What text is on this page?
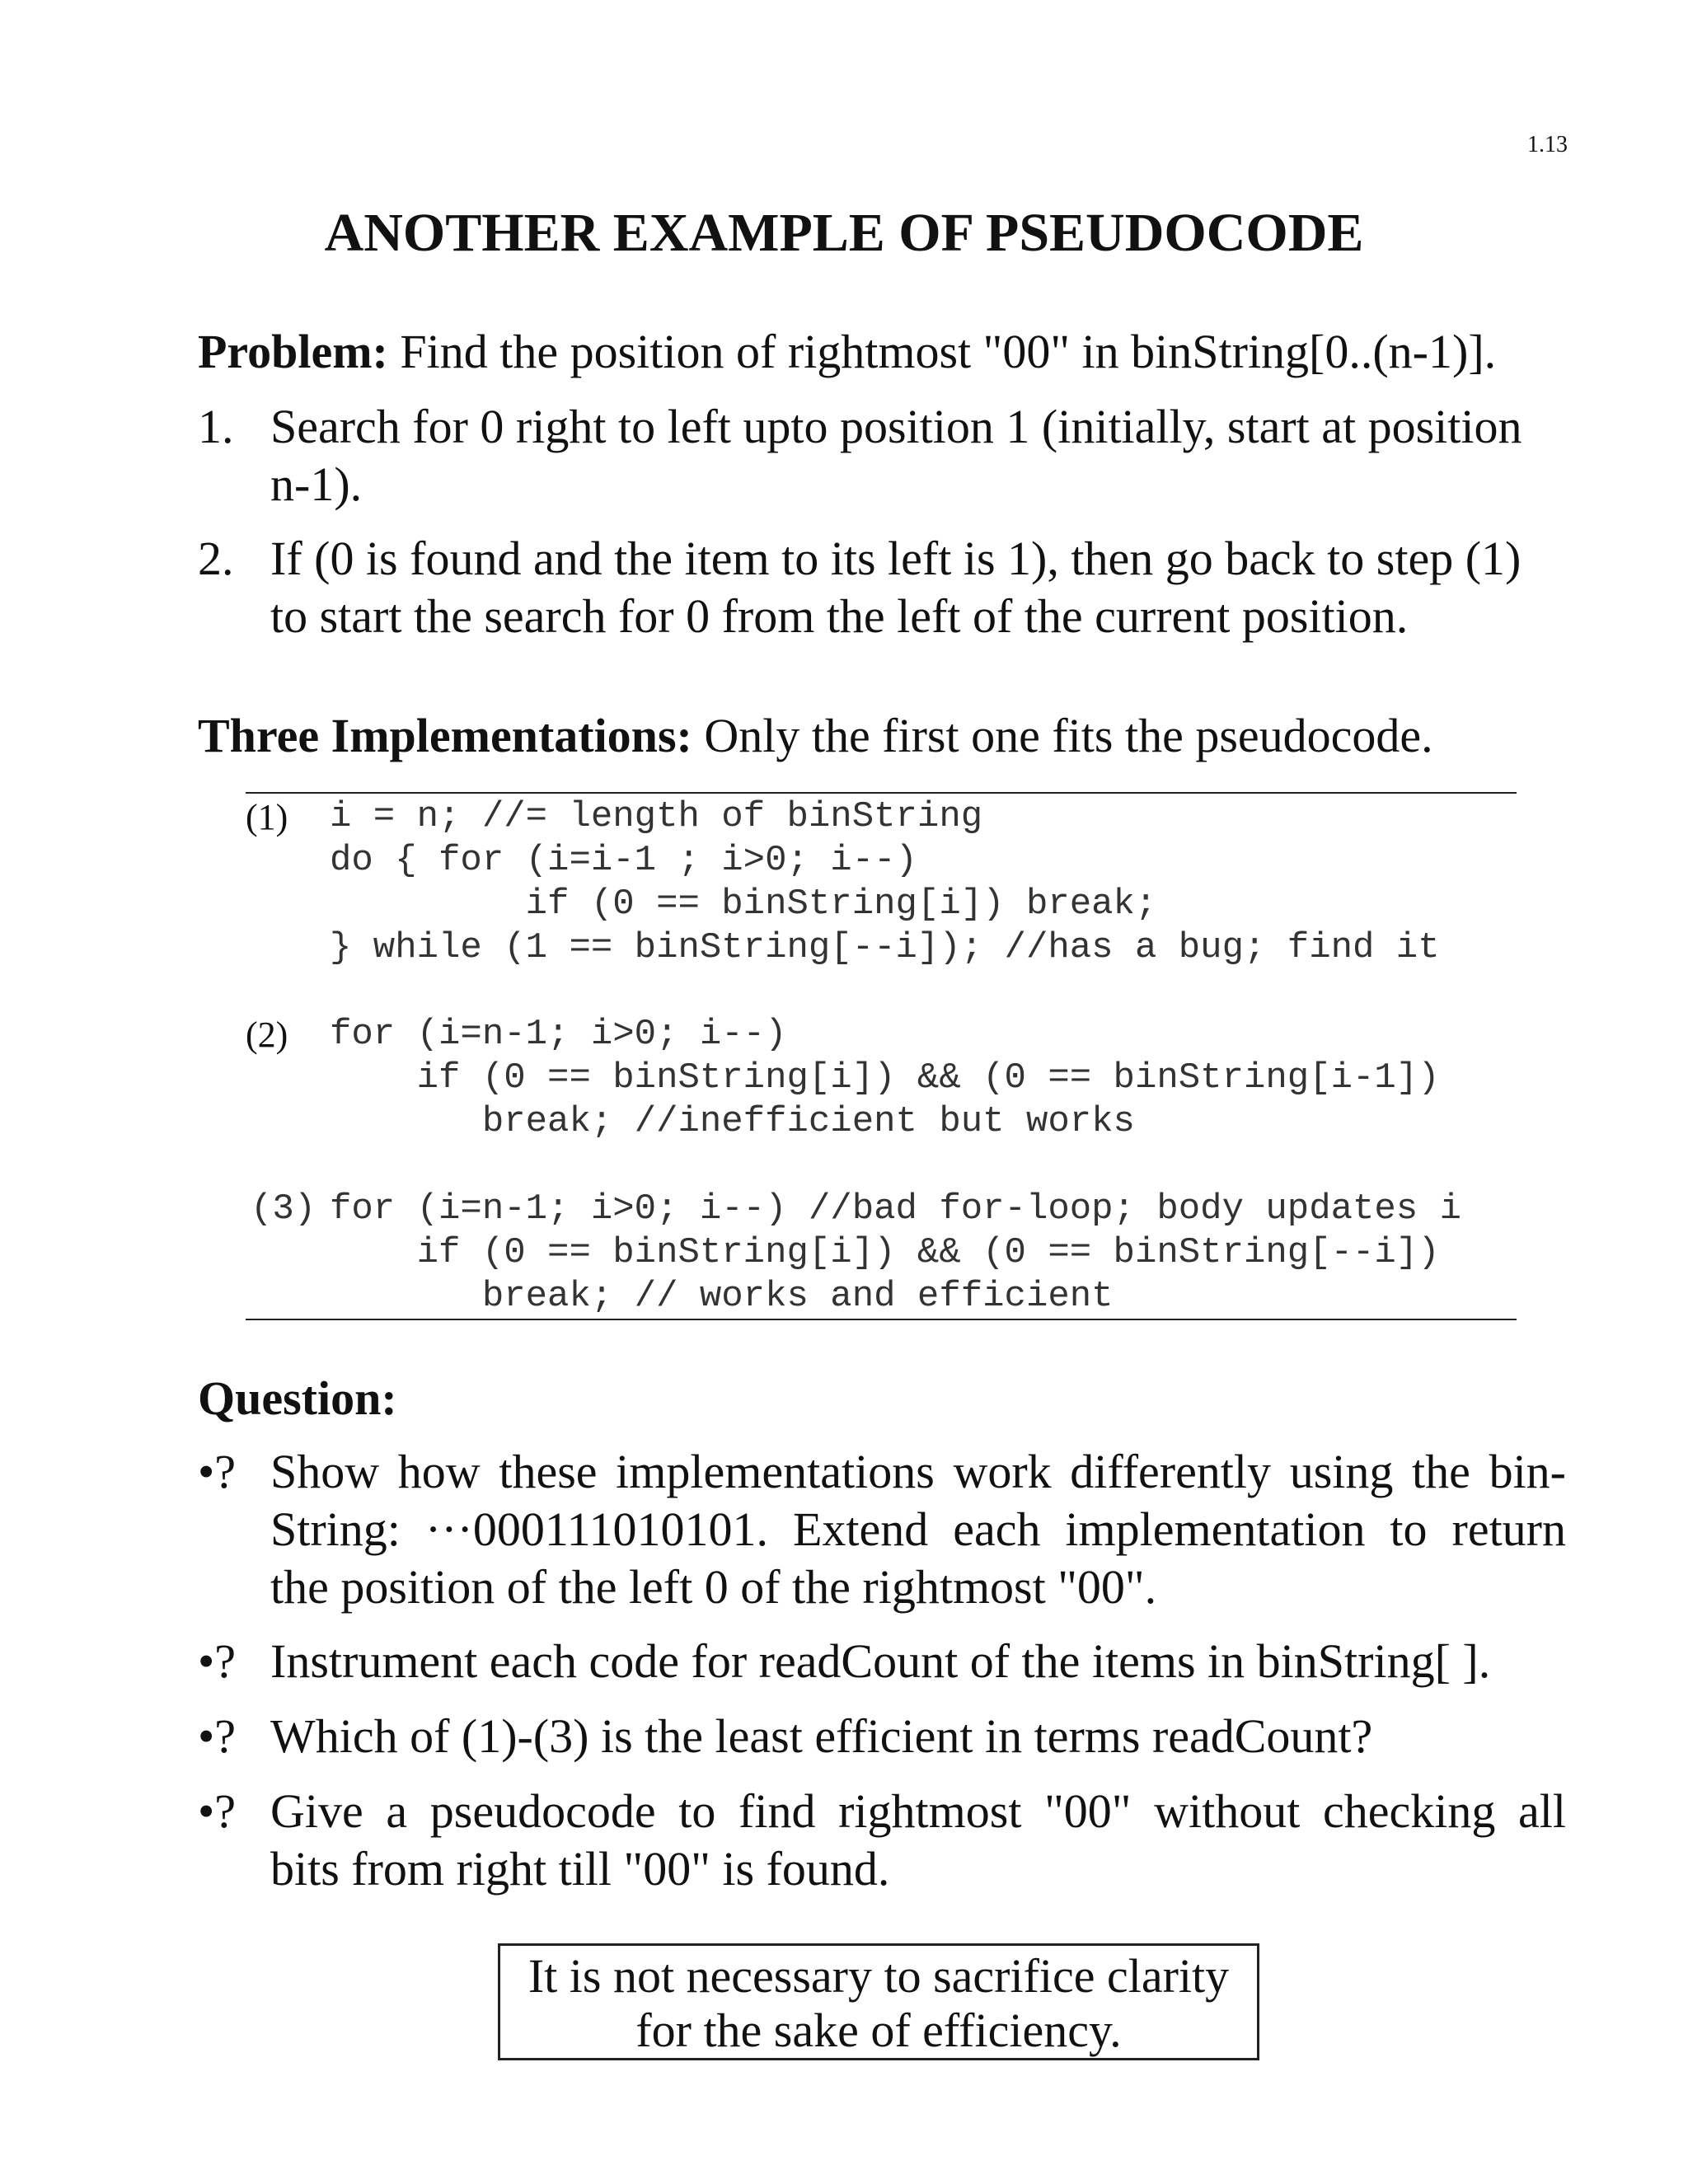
1.13
ANOTHER EXAMPLE OF PSEUDOCODE
Problem: Find the position of rightmost "00" in binString[0..(n-1)].
1. Search for 0 right to left upto position 1 (initially, start at position
n-1).
2. If (0 is found and the item to its left is 1), then go back to step (1)
to start the search for 0 from the left of the current position.
Three Implementations: Only the first one fits the pseudocode.
(1) i = n; //= length of binString
do { for (i=i-1 ; i>0; i--)
if (0 == binString[i]) break;
} while (1 == binString[--i]); //has a bug; find it
(2) for (i=n-1; i>0; i--)
if (0 == binString[i]) && (0 == binString[i-1])
break; //inefficient but works
(3) for (i=n-1; i>0; i--) //bad for-loop; body updates i
if (0 == binString[i]) && (0 == binString[--i])
break; // works and efficient
Question:
•? Show how these implementations work differently using the bin-
String: ···000111010101. Extend each implementation to return
the position of the left 0 of the rightmost "00".
•? Instrument each code for readCount of the items in binString[ ].
•? Which of (1)-(3) is the least efficient in terms readCount?
•? Give a pseudocode to find rightmost "00" without checking all
bits from right till "00" is found.
It is not necessary to sacrifice clarity
for the sake of efficiency.
